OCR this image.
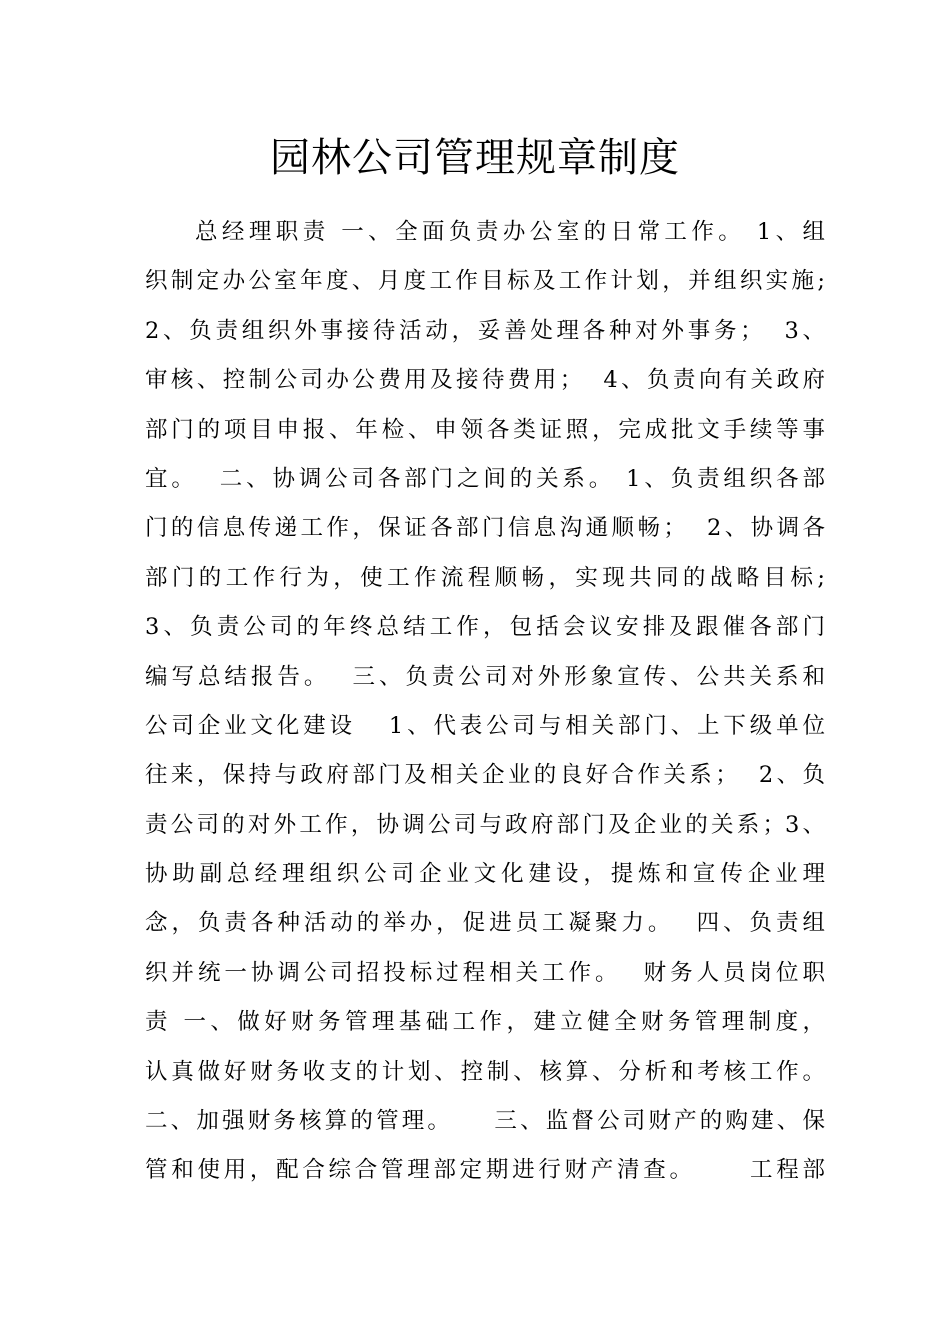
园林公司管理规章制度
总经理职责 一、全面负责办公室的日常工作。 1、组
织制定办公室年度、月度工作目标及工作计划，并组织实施;
2、负责组织外事接待活动，妥善处理各种对外事务；  3、
审核、控制公司办公费用及接待费用；  4、负责向有关政府
部门的项目申报、年检、申领各类证照，完成批文手续等事
宜。  二、协调公司各部门之间的关系。 1、负责组织各部
门的信息传递工作，保证各部门信息沟通顺畅；  2、协调各
部门的工作行为，使工作流程顺畅，实现共同的战略目标;
3、负责公司的年终总结工作，包括会议安排及跟催各部门
编写总结报告。  三、负责公司对外形象宣传、公共关系和
公司企业文化建设   1、代表公司与相关部门、上下级单位
往来，保持与政府部门及相关企业的良好合作关系；  2、负
责公司的对外工作，协调公司与政府部门及企业的关系；3、
协助副总经理组织公司企业文化建设，提炼和宣传企业理
念，负责各种活动的举办，促进员工凝聚力。  四、负责组
织并统一协调公司招投标过程相关工作。  财务人员岗位职
责 一、做好财务管理基础工作，建立健全财务管理制度，
认真做好财务收支的计划、控制、核算、分析和考核工作。
二、加强财务核算的管理。    三、监督公司财产的购建、保
管和使用，配合综合管理部定期进行财产清查。     工程部
